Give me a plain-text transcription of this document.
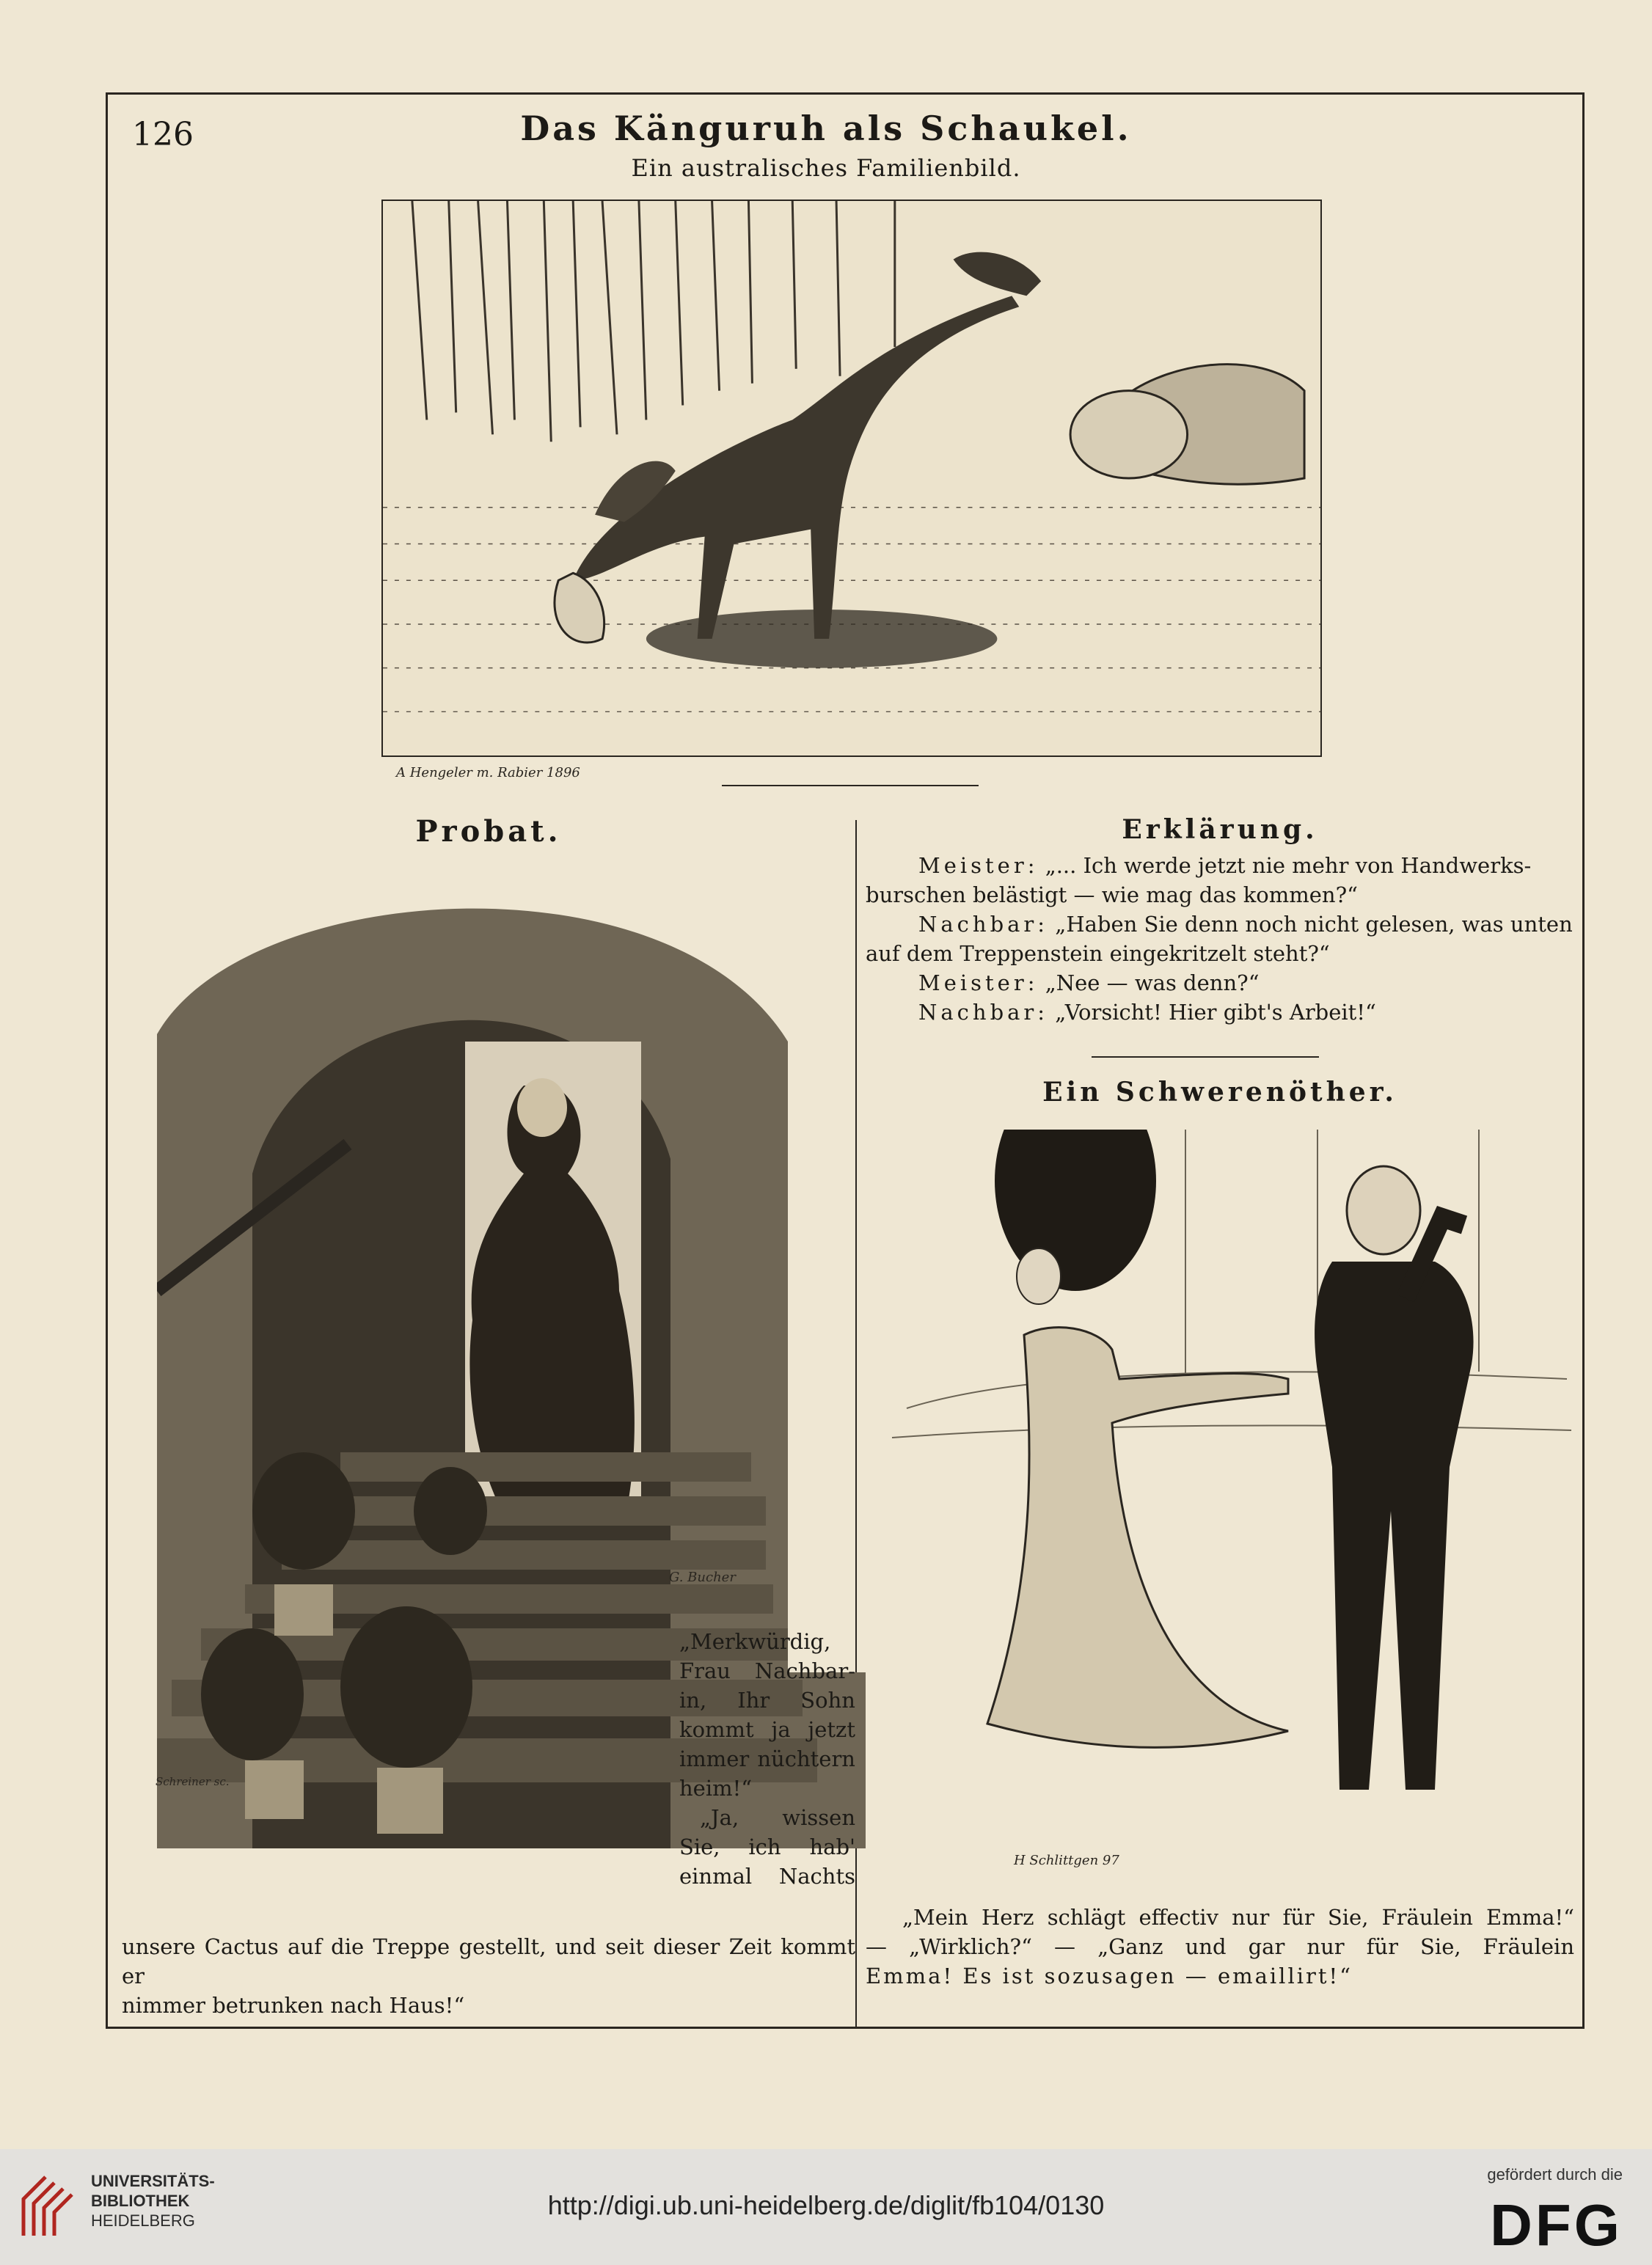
126	Das Känguruh als Schaukel.
Ein australisches Familienbild.
A Hengeler m. Rabier 1896
Probat.
G. Bucher
Schreiner sc.
„Merkwürdig,
Frau Nachbar-
in, Ihr Sohn
kommt ja jetzt
immer nüchtern
heim!“
„Ja, wissen
Sie, ich hab'
einmal Nachts
unsere Cactus auf die Treppe gestellt, und seit dieser Zeit kommt er
nimmer betrunken nach Haus!“
Erklärung.
Meister: „... Ich werde jetzt nie mehr von Handwerks-
burschen belästigt — wie mag das kommen?“
Nachbar: „Haben Sie denn noch nicht gelesen, was unten
auf dem Treppenstein eingekritzelt steht?“
Meister: „Nee — was denn?“
Nachbar: „Vorsicht! Hier gibt's Arbeit!“
Ein Schwerenöther.
H Schlittgen 97
„Mein Herz schlägt effectiv nur für Sie, Fräulein Emma!“
— „Wirklich?“ — „Ganz und gar nur für Sie, Fräulein
Emma! Es ist sozusagen — emaillirt!“
UNIVERSITÄTS-
BIBLIOTHEK
HEIDELBERG
http://digi.ub.uni-heidelberg.de/diglit/fb104/0130
gefördert durch die
DFG
